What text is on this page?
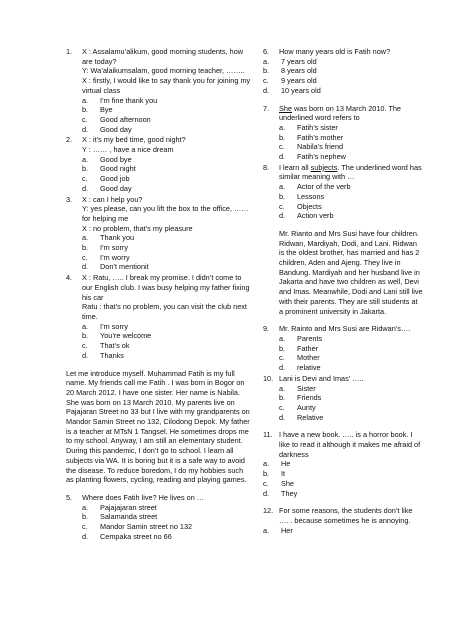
1. X : Assalamu’alikum, good morning students, how are today?
Y: Wa’alaikumsalam, good morning teacher, ……..
X : firstly, I would like to say thank you for joining my virtual class
a. I’m fine thank you
b. Bye
c. Good afternoon
d. Good day
2. X : it’s my bed time, good night?
Y : …… , have a nice dream
a. Good bye
b. Good night
c. Good job
d. Good day
3. X : can I help you?
Y: yes please, can you lift the box to the office, …… for helping me
X : no problem, that’s my pleasure
a. Thank you
b. I’m sorry
c. I’m worry
d. Don’t mentionit
4. X : Ratu, ….. I break my promise. I didn’t come to our English club. I was busy helping my father fixing his car
Ratu : that’s no problem, you can visit the club next time.
a. I’m sorry
b. You’re welcome
c. That’s ok
d. Thanks

Let me introduce myself. Muhammad Fatih is my full name. My friends call me Fatih . I was born in Bogor on 20 March 2012. I have one sister. Her name is Nabila. She was born on 13 March 2010. My parents live on Pajajaran Street no 33 but I live with my grandparents on Mandor Samin Street no 132, Cilodong Depok. My father is a teacher at MTsN 1 Tangsel. He sometimes drops me to my school. Anyway, I am still an elementary student. During this pandemic, I don’t go to school. I learn all subjects via WA. It is boring but it is a safe way to avoid the disease. To reduce boredom, I do my hobbies such as planting flowers, cycling, reading and playing games.

5. Where does Fatih live? He lives on …
a. Pajajajaran street
b. Salamanda street
c. Mandor Samin street no 132
d. Cempaka street no 66
6. How many years old is Fatih now?
a. 7 years old
b. 8 years old
c. 9 years old
d. 10 years old
7. She was born on 13 March 2010. The underlined word refers to
a. Fatih’s sister
b. Fatih’s mother
c. Nabila’s friend
d. Fatih’s nephew
8. I learn all subjects. The underlined word has similar meaning with …
a. Actor of the verb
b. Lessons
c. Objects
d. Action verb

Mr. Rianto and Mrs Susi have four children. Ridwan, Mardiyah, Dodi, and Lani. Ridwan is the oldest brother, has married and has 2 children, Aden and Ajeng. They live in Bandung. Mardiyah and her husband live in Jakarta and have two children as well, Devi and Imas. Meanwhile, Dodi and Lani still live with their parents. They are still students at a prominent university in Jakarta.

9. Mr. Rainto and Mrs Susi are Ridwan’s….
a. Parents
b. Father
c. Mother
d. relative
10. Lani is Devi and Imas’ …..
a. Sister
b. Friends
c. Aunty
d. Relative
11. I have a new book. ….. is a horror book. I like to read it although it makes me afraid of darkness
a. He
b. It
c. She
d. They
12. For some reasons, the students don’t like …. . because sometimes he is annoying.
a. Her
